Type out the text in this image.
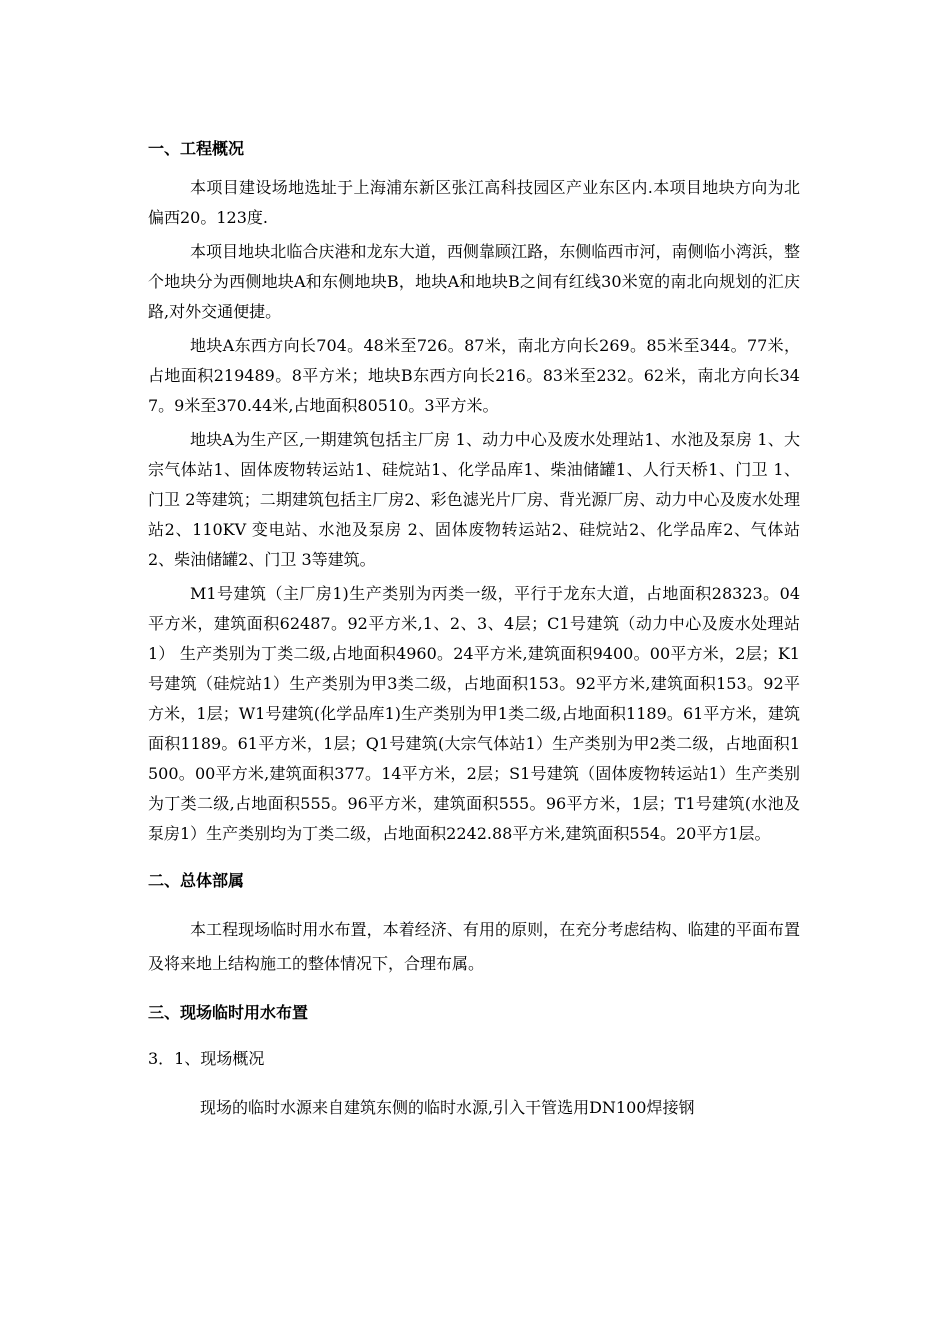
一、工程概况

本项目建设场地选址于上海浦东新区张江高科技园区产业东区内.本项目地块方向为北偏西20。123度.

本项目地块北临合庆港和龙东大道，西侧靠顾江路，东侧临西市河，南侧临小湾浜，整个地块分为西侧地块A和东侧地块B，地块A和地块B之间有红线30米宽的南北向规划的汇庆路,对外交通便捷。

地块A东西方向长704。48米至726。87米，南北方向长269。85米至344。77米，占地面积219489。8平方米；地块B东西方向长216。83米至232。62米，南北方向长347。9米至370.44米,占地面积80510。3平方米。

地块A为生产区,一期建筑包括主厂房 1、动力中心及废水处理站1、水池及泵房 1、大宗气体站1、固体废物转运站1、硅烷站1、化学品库1、柴油储罐1、人行天桥1、门卫 1、门卫 2等建筑；二期建筑包括主厂房2、彩色滤光片厂房、背光源厂房、动力中心及废水处理站2、110KV 变电站、水池及泵房 2、固体废物转运站2、硅烷站2、化学品库2、气体站2、柴油储罐2、门卫 3等建筑。

M1号建筑（主厂房1)生产类别为丙类一级，平行于龙东大道，占地面积28323。04平方米，建筑面积62487。92平方米,1、2、3、4层；C1号建筑（动力中心及废水处理站1） 生产类别为丁类二级,占地面积4960。24平方米,建筑面积9400。00平方米，2层；K1号建筑（硅烷站1）生产类别为甲3类二级，占地面积153。92平方米,建筑面积153。92平方米，1层；W1号建筑(化学品库1)生产类别为甲1类二级,占地面积1189。61平方米，建筑面积1189。61平方米，1层；Q1号建筑(大宗气体站1）生产类别为甲2类二级，占地面积1500。00平方米,建筑面积377。14平方米，2层；S1号建筑（固体废物转运站1）生产类别为丁类二级,占地面积555。96平方米，建筑面积555。96平方米，1层；T1号建筑(水池及泵房1）生产类别均为丁类二级，占地面积2242.88平方米,建筑面积554。20平方1层。

二、总体部属

本工程现场临时用水布置，本着经济、有用的原则，在充分考虑结构、临建的平面布置及将来地上结构施工的整体情况下，合理布属。

三、现场临时用水布置

3．1、现场概况

现场的临时水源来自建筑东侧的临时水源,引入干管选用DN100焊接钢
